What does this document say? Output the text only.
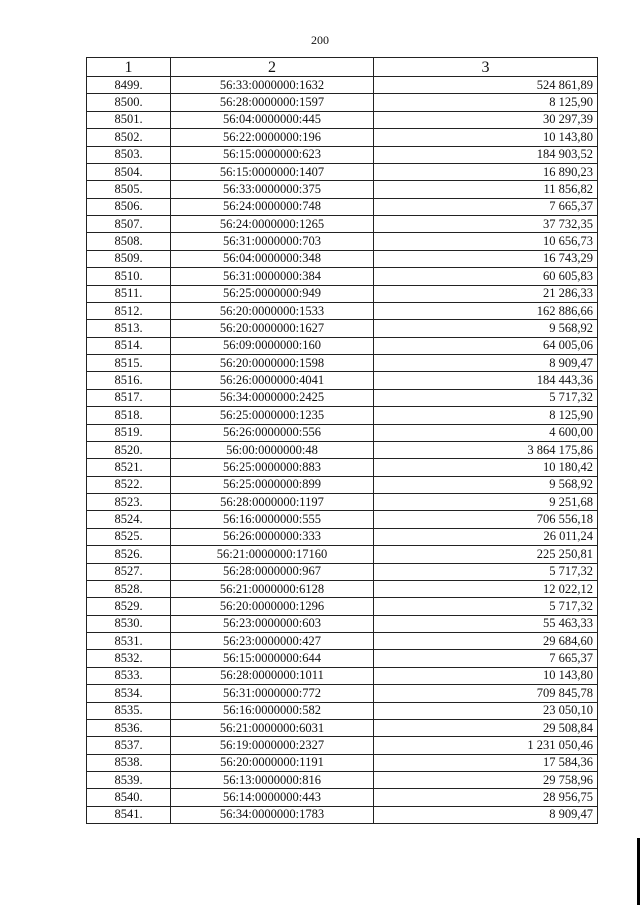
200
1	2	3
8499.	56:33:0000000:1632	524 861,89
8500.	56:28:0000000:1597	8 125,90
8501.	56:04:0000000:445	30 297,39
8502.	56:22:0000000:196	10 143,80
8503.	56:15:0000000:623	184 903,52
8504.	56:15:0000000:1407	16 890,23
8505.	56:33:0000000:375	11 856,82
8506.	56:24:0000000:748	7 665,37
8507.	56:24:0000000:1265	37 732,35
8508.	56:31:0000000:703	10 656,73
8509.	56:04:0000000:348	16 743,29
8510.	56:31:0000000:384	60 605,83
8511.	56:25:0000000:949	21 286,33
8512.	56:20:0000000:1533	162 886,66
8513.	56:20:0000000:1627	9 568,92
8514.	56:09:0000000:160	64 005,06
8515.	56:20:0000000:1598	8 909,47
8516.	56:26:0000000:4041	184 443,36
8517.	56:34:0000000:2425	5 717,32
8518.	56:25:0000000:1235	8 125,90
8519.	56:26:0000000:556	4 600,00
8520.	56:00:0000000:48	3 864 175,86
8521.	56:25:0000000:883	10 180,42
8522.	56:25:0000000:899	9 568,92
8523.	56:28:0000000:1197	9 251,68
8524.	56:16:0000000:555	706 556,18
8525.	56:26:0000000:333	26 011,24
8526.	56:21:0000000:17160	225 250,81
8527.	56:28:0000000:967	5 717,32
8528.	56:21:0000000:6128	12 022,12
8529.	56:20:0000000:1296	5 717,32
8530.	56:23:0000000:603	55 463,33
8531.	56:23:0000000:427	29 684,60
8532.	56:15:0000000:644	7 665,37
8533.	56:28:0000000:1011	10 143,80
8534.	56:31:0000000:772	709 845,78
8535.	56:16:0000000:582	23 050,10
8536.	56:21:0000000:6031	29 508,84
8537.	56:19:0000000:2327	1 231 050,46
8538.	56:20:0000000:1191	17 584,36
8539.	56:13:0000000:816	29 758,96
8540.	56:14:0000000:443	28 956,75
8541.	56:34:0000000:1783	8 909,47
